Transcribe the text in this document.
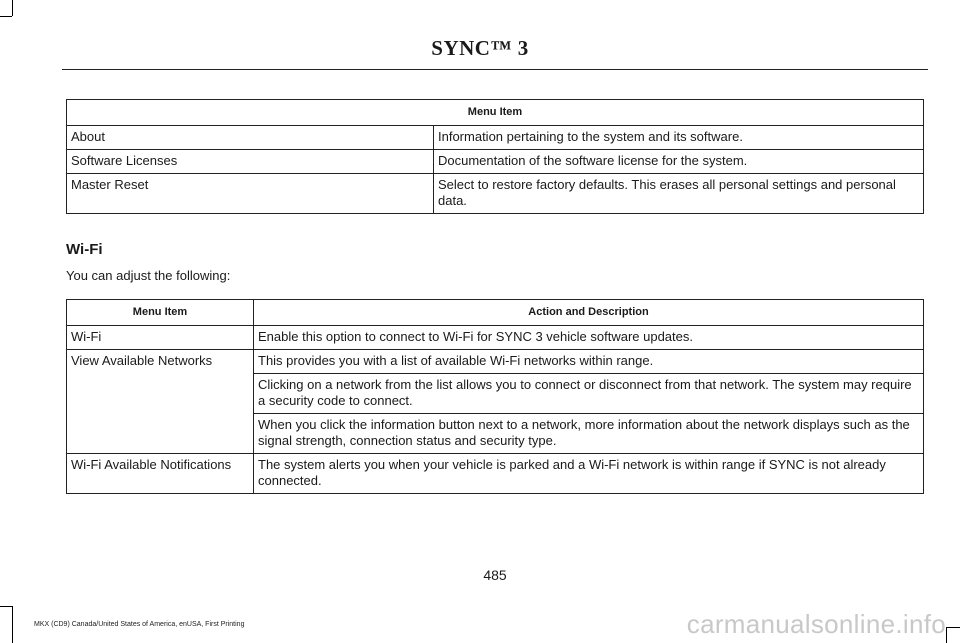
SYNC™ 3
Menu Item	
About	Information pertaining to the system and its software.
Software Licenses	Documentation of the software license for the system.
Master Reset	Select to restore factory defaults. This erases all personal settings and personal data.
Wi-Fi
You can adjust the following:
Menu Item	Action and Description
Wi-Fi	Enable this option to connect to Wi-Fi for SYNC 3 vehicle software updates.
View Available Networks	This provides you with a list of available Wi-Fi networks within range.
	Clicking on a network from the list allows you to connect or disconnect from that network. The system may require a security code to connect.
	When you click the information button next to a network, more information about the network displays such as the signal strength, connection status and security type.
Wi-Fi Available Notifications	The system alerts you when your vehicle is parked and a Wi-Fi network is within range if SYNC is not already connected.
485
MKX (CD9) Canada/United States of America, enUSA, First Printing	carmanualsonline.info
